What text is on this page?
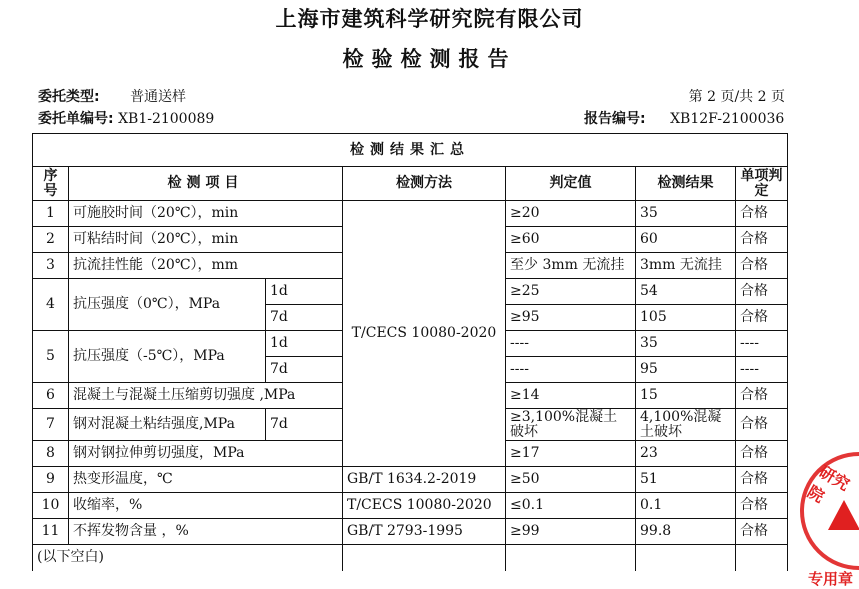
上海市建筑科学研究院有限公司
检验检测报告
委托类型: 普通送样	第 2 页/共 2 页
委托单编号: XB1-2100089	报告编号: XB12F-2100036
检测结果汇总						
序号	检测项目		检测方法	判定值	检测结果	单项判定
1	可施胶时间（20℃），min		T/CECS 10080-2020	≥20	35	合格
2	可粘结时间（20℃），min			≥60	60	合格
3	抗流挂性能（20℃），mm			至少 3mm 无流挂	3mm 无流挂	合格
4	抗压强度（0℃），MPa	1d		≥25	54	合格
		7d		≥95	105	合格
5	抗压强度（-5℃），MPa	1d		----	35	----
		7d		----	95	----
6	混凝土与混凝土压缩剪切强度 ,MPa			≥14	15	合格
7	钢对混凝土粘结强度,MPa	7d		≥3,100%混凝土破坏	4,100%混凝土破坏	合格
8	钢对钢拉伸剪切强度，MPa			≥17	23	合格
9	热变形温度，℃		GB/T 1634.2-2019	≥50	51	合格
10	收缩率，%		T/CECS 10080-2020	≤0.1	0.1	合格
11	不挥发物含量 ，%		GB/T 2793-1995	≥99	99.8	合格
(以下空白)						
研究院
专用章
